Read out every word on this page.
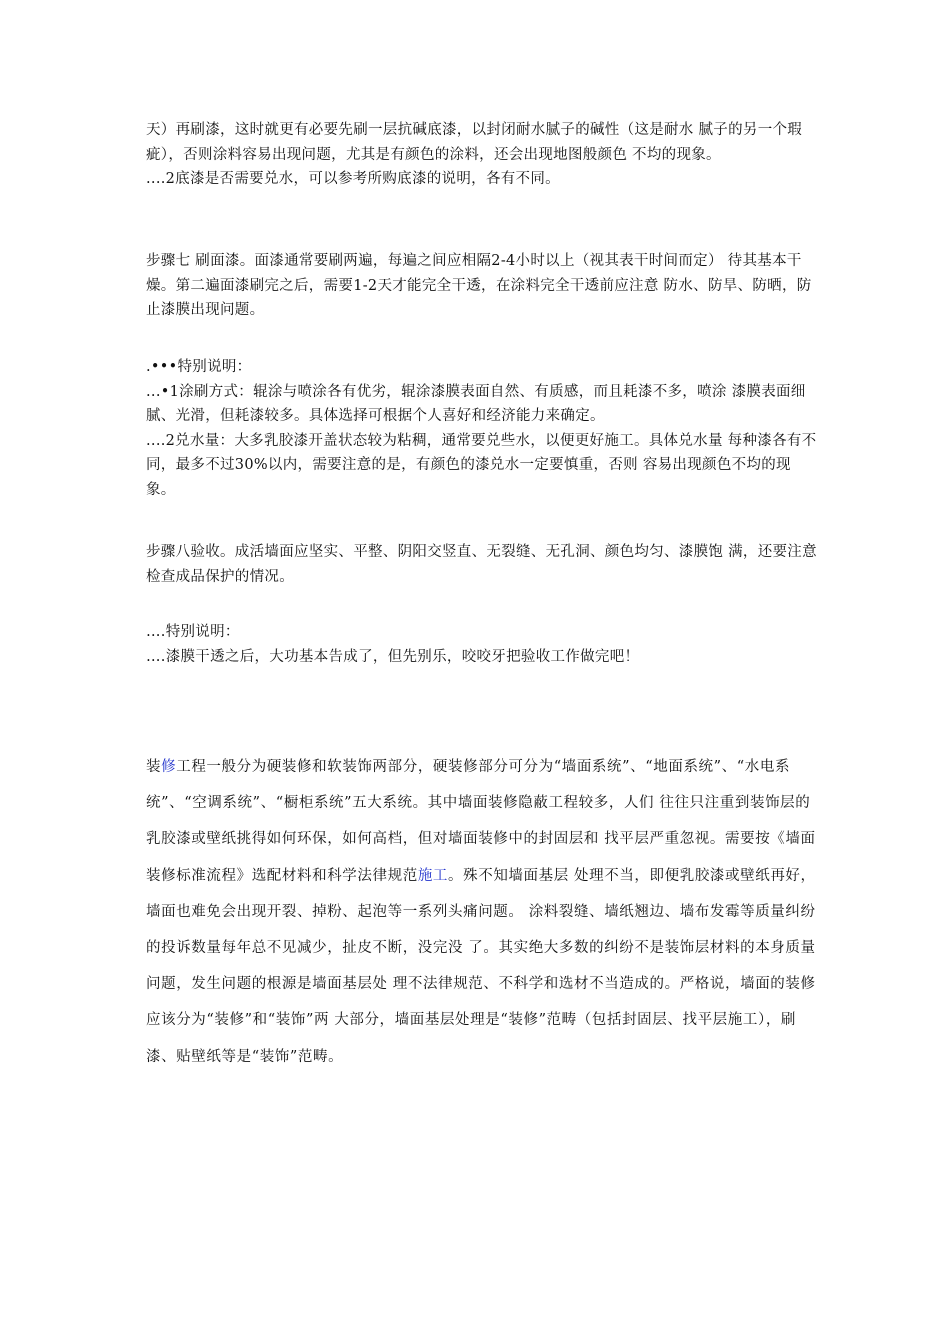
天）再刷漆，这时就更有必要先刷一层抗碱底漆，以封闭耐水腻子的碱性（这是耐水 腻子的另一个瑕疵），否则涂料容易出现问题，尤其是有颜色的涂料，还会出现地图般颜色 不均的现象。

....2底漆是否需要兑水，可以参考所购底漆的说明，各有不同。

步骤七 刷面漆。面漆通常要刷两遍，每遍之间应相隔2-4小时以上（视其表干时间而定） 待其基本干燥。第二遍面漆刷完之后，需要1-2天才能完全干透，在涂料完全干透前应注意 防水、防旱、防晒，防止漆膜出现问题。

.•••特别说明：

...•1涂刷方式：辊涂与喷涂各有优劣，辊涂漆膜表面自然、有质感，而且耗漆不多，喷涂 漆膜表面细腻、光滑，但耗漆较多。具体选择可根据个人喜好和经济能力来确定。

....2兑水量：大多乳胶漆开盖状态较为粘稠，通常要兑些水，以便更好施工。具体兑水量 每种漆各有不同，最多不过30%以内，需要注意的是，有颜色的漆兑水一定要慎重，否则 容易出现颜色不均的现象。

步骤八验收。成活墙面应坚实、平整、阴阳交竖直、无裂缝、无孔洞、颜色均匀、漆膜饱 满，还要注意检查成品保护的情况。

….特别说明：

….漆膜干透之后，大功基本告成了，但先别乐，咬咬牙把验收工作做完吧！

装修工程一般分为硬装修和软装饰两部分，硬装修部分可分为“墙面系统”、“地面系统”、“水电系统”、“空调系统”、“橱柜系统”五大系统。其中墙面装修隐蔽工程较多，人们 往往只注重到装饰层的乳胶漆或壁纸挑得如何环保，如何高档，但对墙面装修中的封固层和 找平层严重忽视。需要按《墙面装修标准流程》选配材料和科学法律规范施工。殊不知墙面基层 处理不当，即便乳胶漆或壁纸再好，墙面也难免会出现开裂、掉粉、起泡等一系列头痛问题。 涂料裂缝、墙纸翘边、墙布发霉等质量纠纷的投诉数量每年总不见减少，扯皮不断，没完没 了。其实绝大多数的纠纷不是装饰层材料的本身质量问题，发生问题的根源是墙面基层处 理不法律规范、不科学和选材不当造成的。严格说，墙面的装修应该分为“装修”和“装饰”两 大部分，墙面基层处理是“装修”范畴（包括封固层、找平层施工），刷漆、贴壁纸等是“装饰”范畴。
